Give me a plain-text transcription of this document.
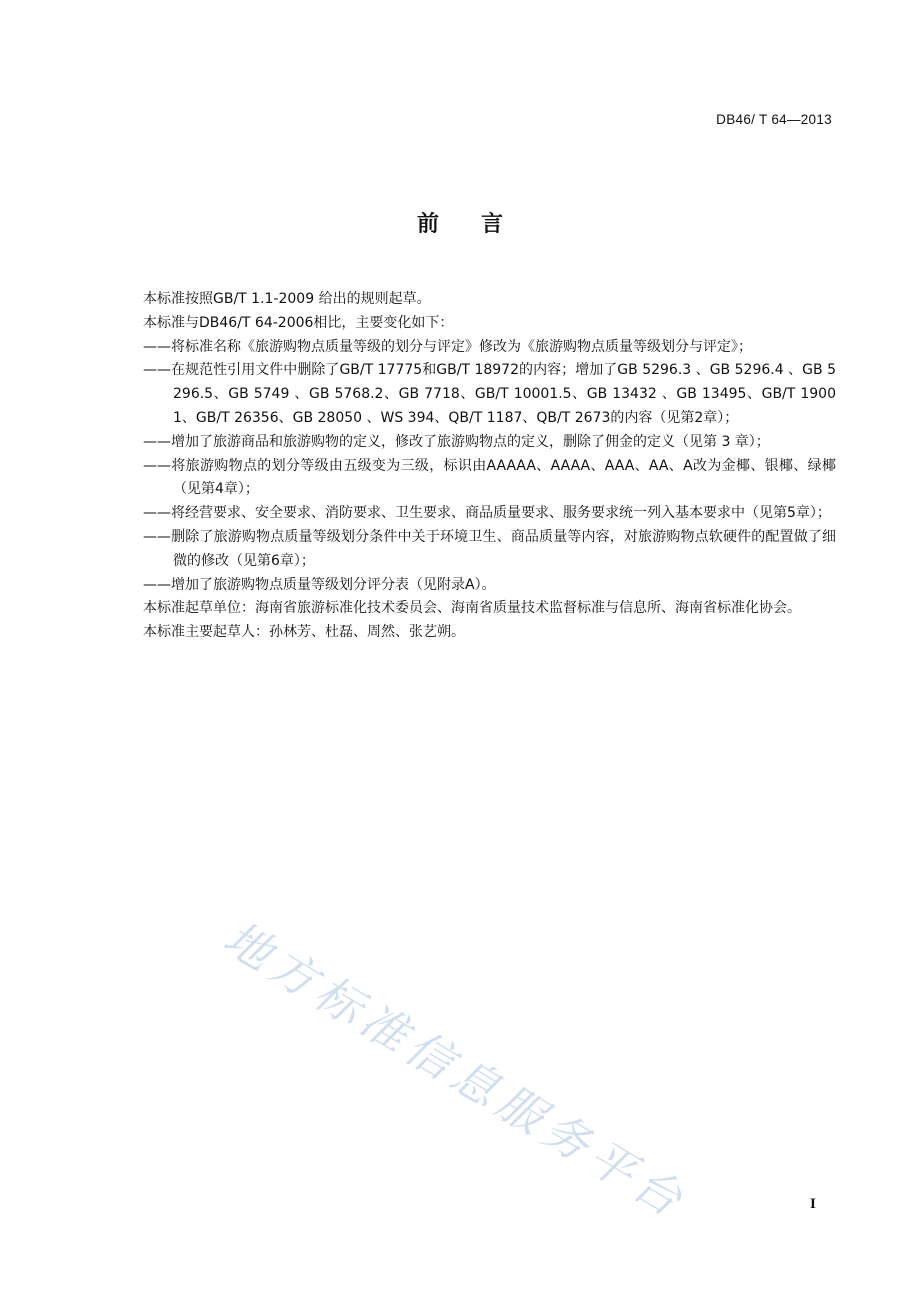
DB46/ T 64—2013
前言

本标准按照GB/T 1.1-2009 给出的规则起草。

本标准与DB46/T 64-2006相比，主要变化如下：

——将标准名称《旅游购物点质量等级的划分与评定》修改为《旅游购物点质量等级划分与评定》；

——在规范性引用文件中删除了GB/T 17775和GB/T 18972的内容；增加了GB 5296.3 、GB 5296.4 、GB 5296.5、GB 5749 、GB 5768.2、GB 7718、GB/T 10001.5、GB 13432 、GB 13495、GB/T 19001、GB/T 26356、GB 28050 、WS 394、QB/T 1187、QB/T 2673的内容（见第2章）；

——增加了旅游商品和旅游购物的定义，修改了旅游购物点的定义，删除了佣金的定义（见第 3 章）；

——将旅游购物点的划分等级由五级变为三级，标识由AAAAA、AAAA、AAA、AA、A改为金椰、银椰、绿椰（见第4章）；

——将经营要求、安全要求、消防要求、卫生要求、商品质量要求、服务要求统一列入基本要求中（见第5章）；

——删除了旅游购物点质量等级划分条件中关于环境卫生、商品质量等内容，对旅游购物点软硬件的配置做了细微的修改（见第6章）；

——增加了旅游购物点质量等级划分评分表（见附录A）。

本标准起草单位：海南省旅游标准化技术委员会、海南省质量技术监督标准与信息所、海南省标准化协会。

本标准主要起草人：孙林芳、杜磊、周然、张艺朔。

地方标准信息服务平台	I
